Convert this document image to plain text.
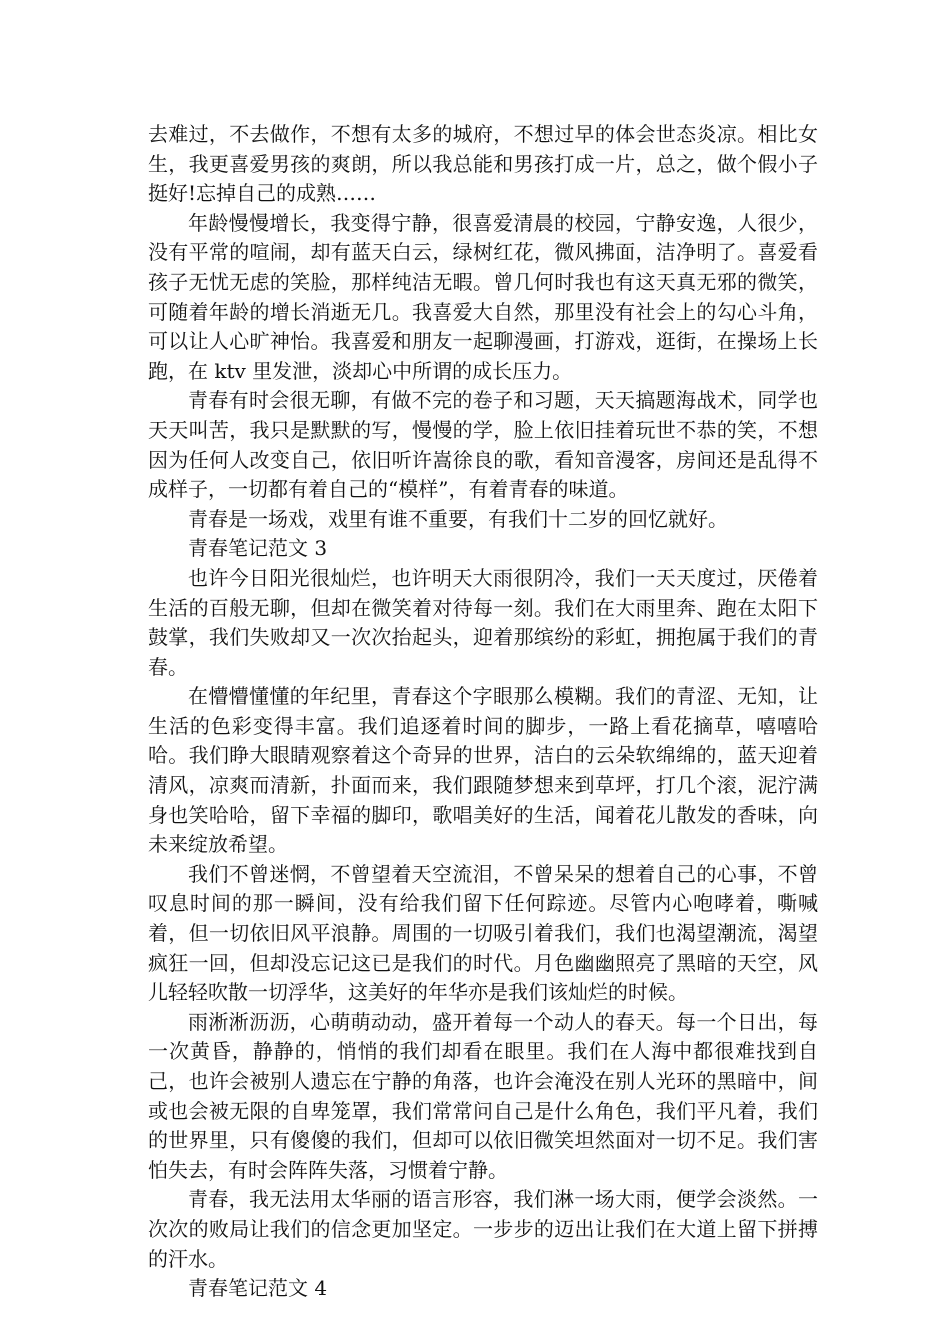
去难过，不去做作，不想有太多的城府，不想过早的体会世态炎凉。相比女生，我更喜爱男孩的爽朗，所以我总能和男孩打成一片，总之，做个假小子挺好!忘掉自己的成熟……

年龄慢慢增长，我变得宁静，很喜爱清晨的校园，宁静安逸，人很少，没有平常的喧闹，却有蓝天白云，绿树红花，微风拂面，洁净明了。喜爱看孩子无忧无虑的笑脸，那样纯洁无暇。曾几何时我也有这天真无邪的微笑，可随着年龄的增长消逝无几。我喜爱大自然，那里没有社会上的勾心斗角，可以让人心旷神怡。我喜爱和朋友一起聊漫画，打游戏，逛街，在操场上长跑，在 ktv 里发泄，淡却心中所谓的成长压力。

青春有时会很无聊，有做不完的卷子和习题，天天搞题海战术，同学也天天叫苦，我只是默默的写，慢慢的学，脸上依旧挂着玩世不恭的笑，不想因为任何人改变自己，依旧听许嵩徐良的歌，看知音漫客，房间还是乱得不成样子，一切都有着自己的“模样”，有着青春的味道。

青春是一场戏，戏里有谁不重要，有我们十二岁的回忆就好。

青春笔记范文 3

也许今日阳光很灿烂，也许明天大雨很阴冷，我们一天天度过，厌倦着生活的百般无聊，但却在微笑着对待每一刻。我们在大雨里奔、跑在太阳下鼓掌，我们失败却又一次次抬起头，迎着那缤纷的彩虹，拥抱属于我们的青春。

在懵懵懂懂的年纪里，青春这个字眼那么模糊。我们的青涩、无知，让生活的色彩变得丰富。我们追逐着时间的脚步，一路上看花摘草，嘻嘻哈哈。我们睁大眼睛观察着这个奇异的世界，洁白的云朵软绵绵的，蓝天迎着清风，凉爽而清新，扑面而来，我们跟随梦想来到草坪，打几个滚，泥泞满身也笑哈哈，留下幸福的脚印，歌唱美好的生活，闻着花儿散发的香味，向未来绽放希望。

我们不曾迷惘，不曾望着天空流泪，不曾呆呆的想着自己的心事，不曾叹息时间的那一瞬间，没有给我们留下任何踪迹。尽管内心咆哮着，嘶喊着，但一切依旧风平浪静。周围的一切吸引着我们，我们也渴望潮流，渴望疯狂一回，但却没忘记这已是我们的时代。月色幽幽照亮了黑暗的天空，风儿轻轻吹散一切浮华，这美好的年华亦是我们该灿烂的时候。

雨淅淅沥沥，心萌萌动动，盛开着每一个动人的春天。每一个日出，每一次黄昏，静静的，悄悄的我们却看在眼里。我们在人海中都很难找到自己，也许会被别人遗忘在宁静的角落，也许会淹没在别人光环的黑暗中，间或也会被无限的自卑笼罩，我们常常问自己是什么角色，我们平凡着，我们的世界里，只有傻傻的我们，但却可以依旧微笑坦然面对一切不足。我们害怕失去，有时会阵阵失落，习惯着宁静。

青春，我无法用太华丽的语言形容，我们淋一场大雨，便学会淡然。一次次的败局让我们的信念更加坚定。一步步的迈出让我们在大道上留下拼搏的汗水。

青春笔记范文 4
